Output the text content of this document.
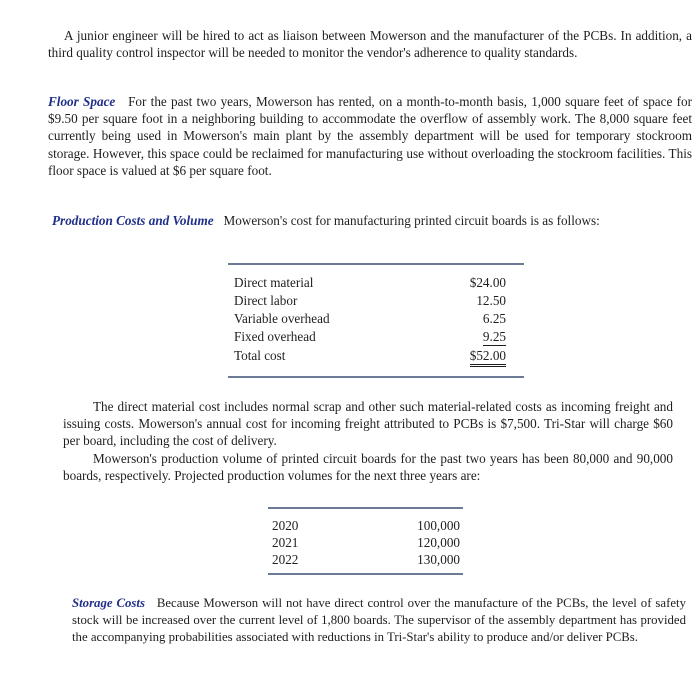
A junior engineer will be hired to act as liaison between Mowerson and the manufacturer of the PCBs. In addition, a third quality control inspector will be needed to monitor the vendor's adherence to quality standards.

Floor Space For the past two years, Mowerson has rented, on a month-to-month basis, 1,000 square feet of space for $9.50 per square foot in a neighboring building to accommodate the overflow of assembly work. The 8,000 square feet currently being used in Mowerson's main plant by the assembly department will be used for temporary stockroom storage. However, this space could be reclaimed for manufacturing use without overloading the stockroom facilities. This floor space is valued at $6 per square foot.

Production Costs and Volume Mowerson's cost for manufacturing printed circuit boards is as follows:

Direct material	$24.00
Direct labor	12.50
Variable overhead	6.25
Fixed overhead	9.25
Total cost	$52.00

The direct material cost includes normal scrap and other such material-related costs as incoming freight and issuing costs. Mowerson's annual cost for incoming freight attributed to PCBs is $7,500. Tri-Star will charge $60 per board, including the cost of delivery.

Mowerson's production volume of printed circuit boards for the past two years has been 80,000 and 90,000 boards, respectively. Projected production volumes for the next three years are:

2020	100,000
2021	120,000
2022	130,000

Storage Costs Because Mowerson will not have direct control over the manufacture of the PCBs, the level of safety stock will be increased over the current level of 1,800 boards. The supervisor of the assembly department has provided the accompanying probabilities associated with reductions in Tri-Star's ability to produce and/or deliver PCBs.
